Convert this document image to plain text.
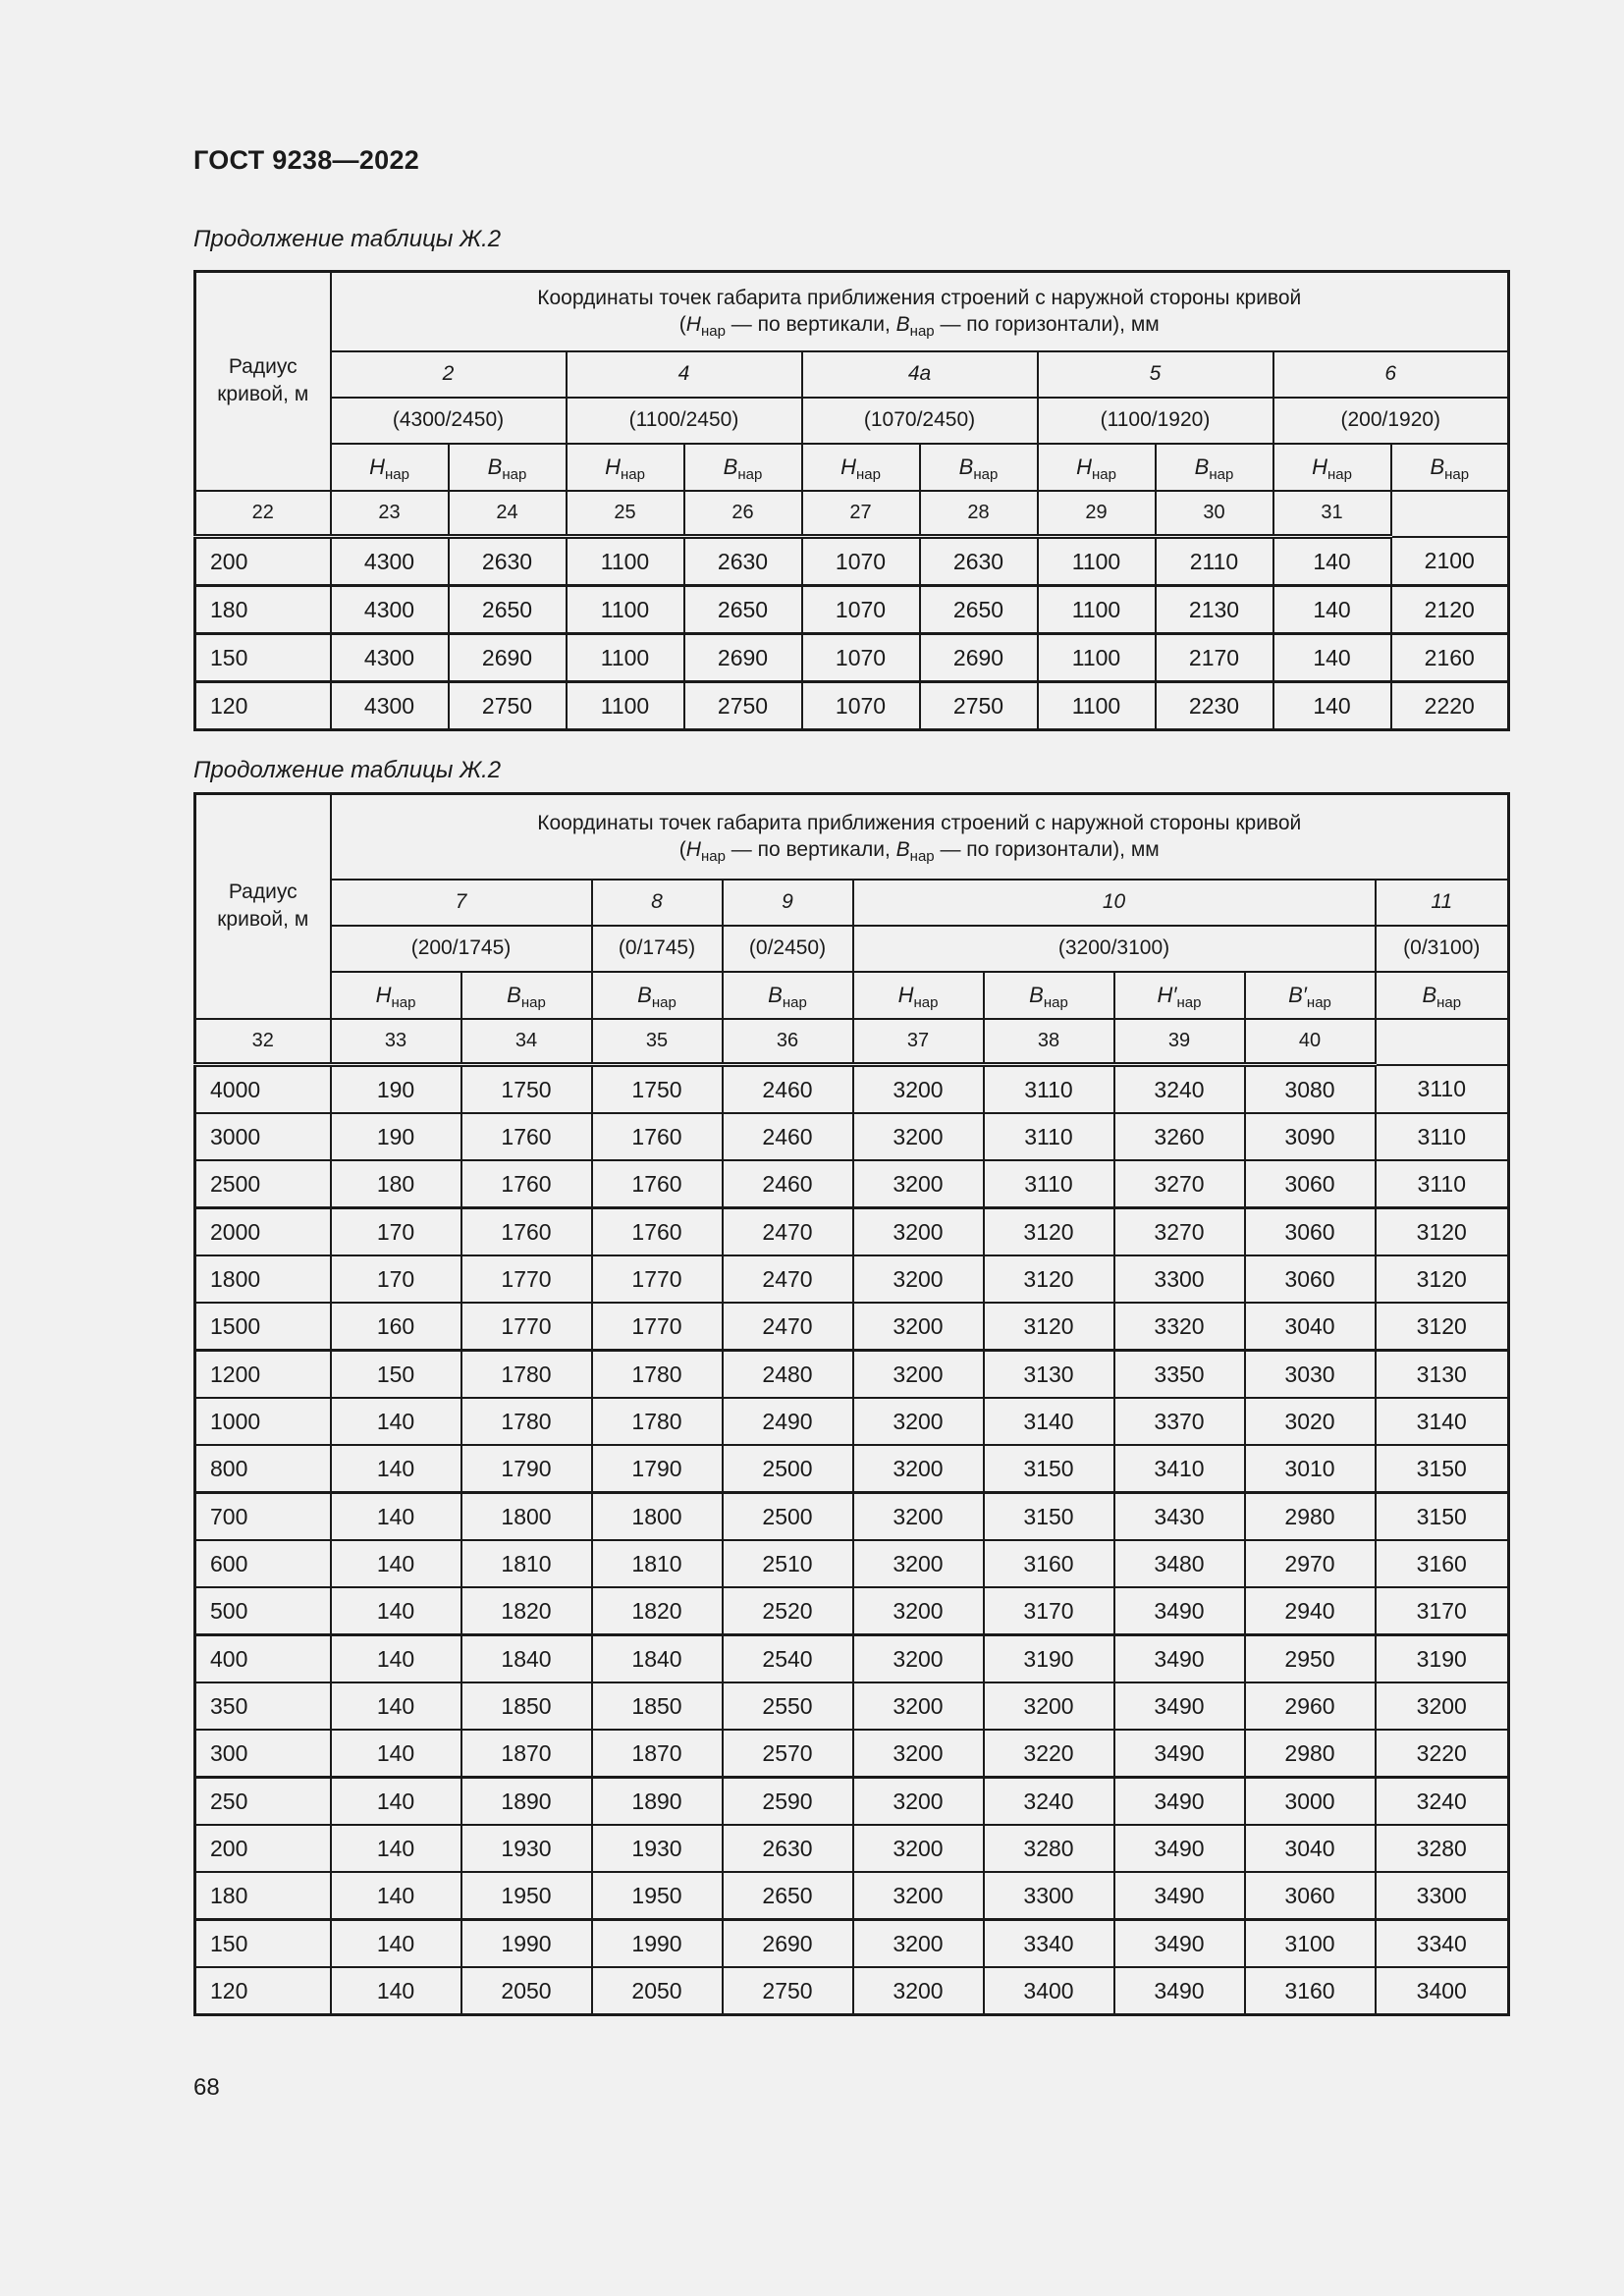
ГОСТ 9238—2022
Продолжение таблицы Ж.2
Радиус
кривой, м	Координаты точек габарита приближения строений с наружной стороны кривой
($H_{нар}$ — по вертикали, $B_{нар}$ — по горизонтали), мм									
	2		4		4а		5		6	
	(4300/2450)		(1100/2450)		(1070/2450)		(1100/1920)		(200/1920)	
	$H_{нар}$	$B_{нар}$	$H_{нар}$	$B_{нар}$	$H_{нар}$	$B_{нар}$	$H_{нар}$	$B_{нар}$	$H_{нар}$	$B_{нар}$
22	23	24	25	26	27	28	29	30	31	
200	4300	2630	1100	2630	1070	2630	1100	2110	140	2100
180	4300	2650	1100	2650	1070	2650	1100	2130	140	2120
150	4300	2690	1100	2690	1070	2690	1100	2170	140	2160
120	4300	2750	1100	2750	1070	2750	1100	2230	140	2220
Продолжение таблицы Ж.2
Радиус
кривой, м	Координаты точек габарита приближения строений с наружной стороны кривой
($H_{нар}$ — по вертикали, $B_{нар}$ — по горизонтали), мм								
	7		8	9	10				11
	(200/1745)		(0/1745)	(0/2450)	(3200/3100)				(0/3100)
	$H_{нар}$	$B_{нар}$	$B_{нар}$	$B_{нар}$	$H_{нар}$	$B_{нар}$	$H'_{нар}$	$B'_{нар}$	$B_{нар}$
32	33	34	35	36	37	38	39	40	
4000	190	1750	1750	2460	3200	3110	3240	3080	3110
3000	190	1760	1760	2460	3200	3110	3260	3090	3110
2500	180	1760	1760	2460	3200	3110	3270	3060	3110
2000	170	1760	1760	2470	3200	3120	3270	3060	3120
1800	170	1770	1770	2470	3200	3120	3300	3060	3120
1500	160	1770	1770	2470	3200	3120	3320	3040	3120
1200	150	1780	1780	2480	3200	3130	3350	3030	3130
1000	140	1780	1780	2490	3200	3140	3370	3020	3140
800	140	1790	1790	2500	3200	3150	3410	3010	3150
700	140	1800	1800	2500	3200	3150	3430	2980	3150
600	140	1810	1810	2510	3200	3160	3480	2970	3160
500	140	1820	1820	2520	3200	3170	3490	2940	3170
400	140	1840	1840	2540	3200	3190	3490	2950	3190
350	140	1850	1850	2550	3200	3200	3490	2960	3200
300	140	1870	1870	2570	3200	3220	3490	2980	3220
250	140	1890	1890	2590	3200	3240	3490	3000	3240
200	140	1930	1930	2630	3200	3280	3490	3040	3280
180	140	1950	1950	2650	3200	3300	3490	3060	3300
150	140	1990	1990	2690	3200	3340	3490	3100	3340
120	140	2050	2050	2750	3200	3400	3490	3160	3400
68
